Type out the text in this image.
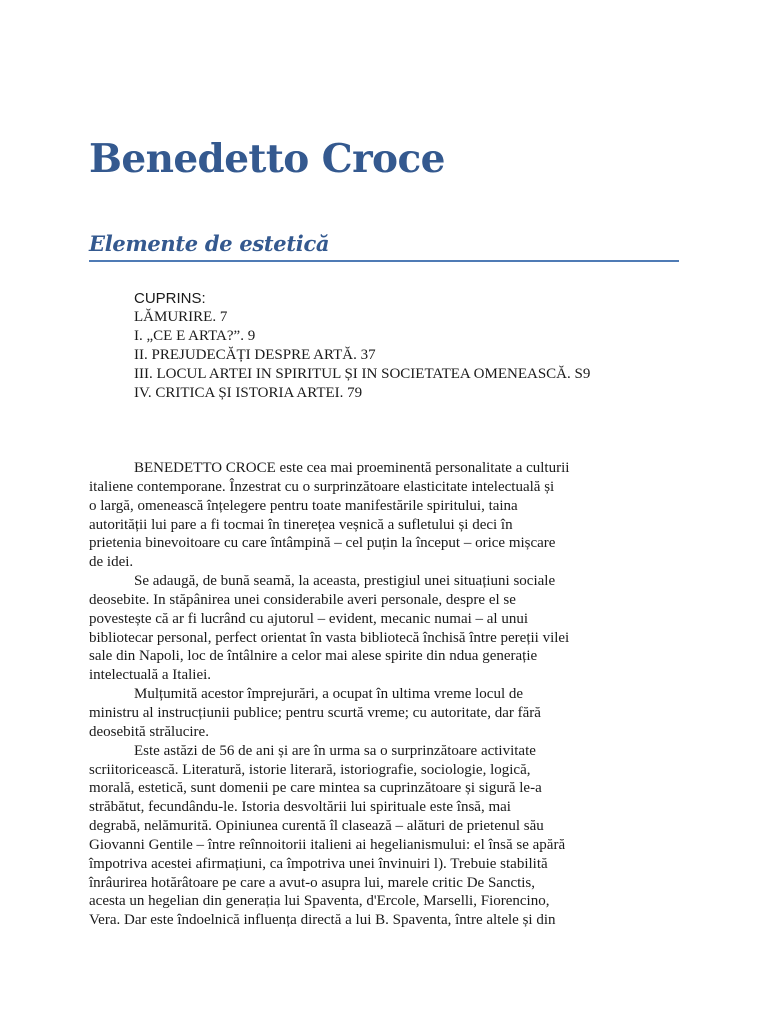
Benedetto Croce
Elemente de estetică

CUPRINS:

LĂMURIRE. 7

I. „CE E ARTA?”. 9

II. PREJUDECĂȚI DESPRE ARTĂ. 37

III. LOCUL ARTEI IN SPIRITUL ȘI IN SOCIETATEA OMENEASCĂ. S9

IV. CRITICA ȘI ISTORIA ARTEI. 79

BENEDETTO CROCE este cea mai proeminentă personalitate a culturii
italiene contemporane. Înzestrat cu o surprinzătoare elasticitate intelectuală și
o largă, omenească înțelegere pentru toate manifestările spiritului, taina
autorității lui pare a fi tocmai în tinerețea veșnică a sufletului și deci în
prietenia binevoitoare cu care întâmpină – cel puțin la început – orice mișcare
de idei.
Se adaugă, de bună seamă, la aceasta, prestigiul unei situațiuni sociale
deosebite. In stăpânirea unei considerabile averi personale, despre el se
povestește că ar fi lucrând cu ajutorul – evident, mecanic numai – al unui
bibliotecar personal, perfect orientat în vasta bibliotecă închisă între pereții vilei
sale din Napoli, loc de întâlnire a celor mai alese spirite din ndua generație
intelectuală a Italiei.
Mulțumită acestor împrejurări, a ocupat în ultima vreme locul de
ministru al instrucțiunii publice; pentru scurtă vreme; cu autoritate, dar fără
deosebită strălucire.
Este astăzi de 56 de ani și are în urma sa o surprinzătoare activitate
scriitoricească. Literatură, istorie literară, istoriografie, sociologie, logică,
morală, estetică, sunt domenii pe care mintea sa cuprinzătoare și sigură le-a
străbătut, fecundându-le. Istoria desvoltării lui spirituale este însă, mai
degrabă, nelămurită. Opiniunea curentă îl clasează – alături de prietenul său
Giovanni Gentile – între reînnoitorii italieni ai hegelianismului: el însă se apără
împotriva acestei afirmațiuni, ca împotriva unei învinuiri l). Trebuie stabilită
înrâurirea hotărâtoare pe care a avut-o asupra lui, marele critic De Sanctis,
acesta un hegelian din generația lui Spaventa, d'Ercole, Marselli, Fiorencino,
Vera. Dar este îndoelnică influența directă a lui B. Spaventa, între altele și din
